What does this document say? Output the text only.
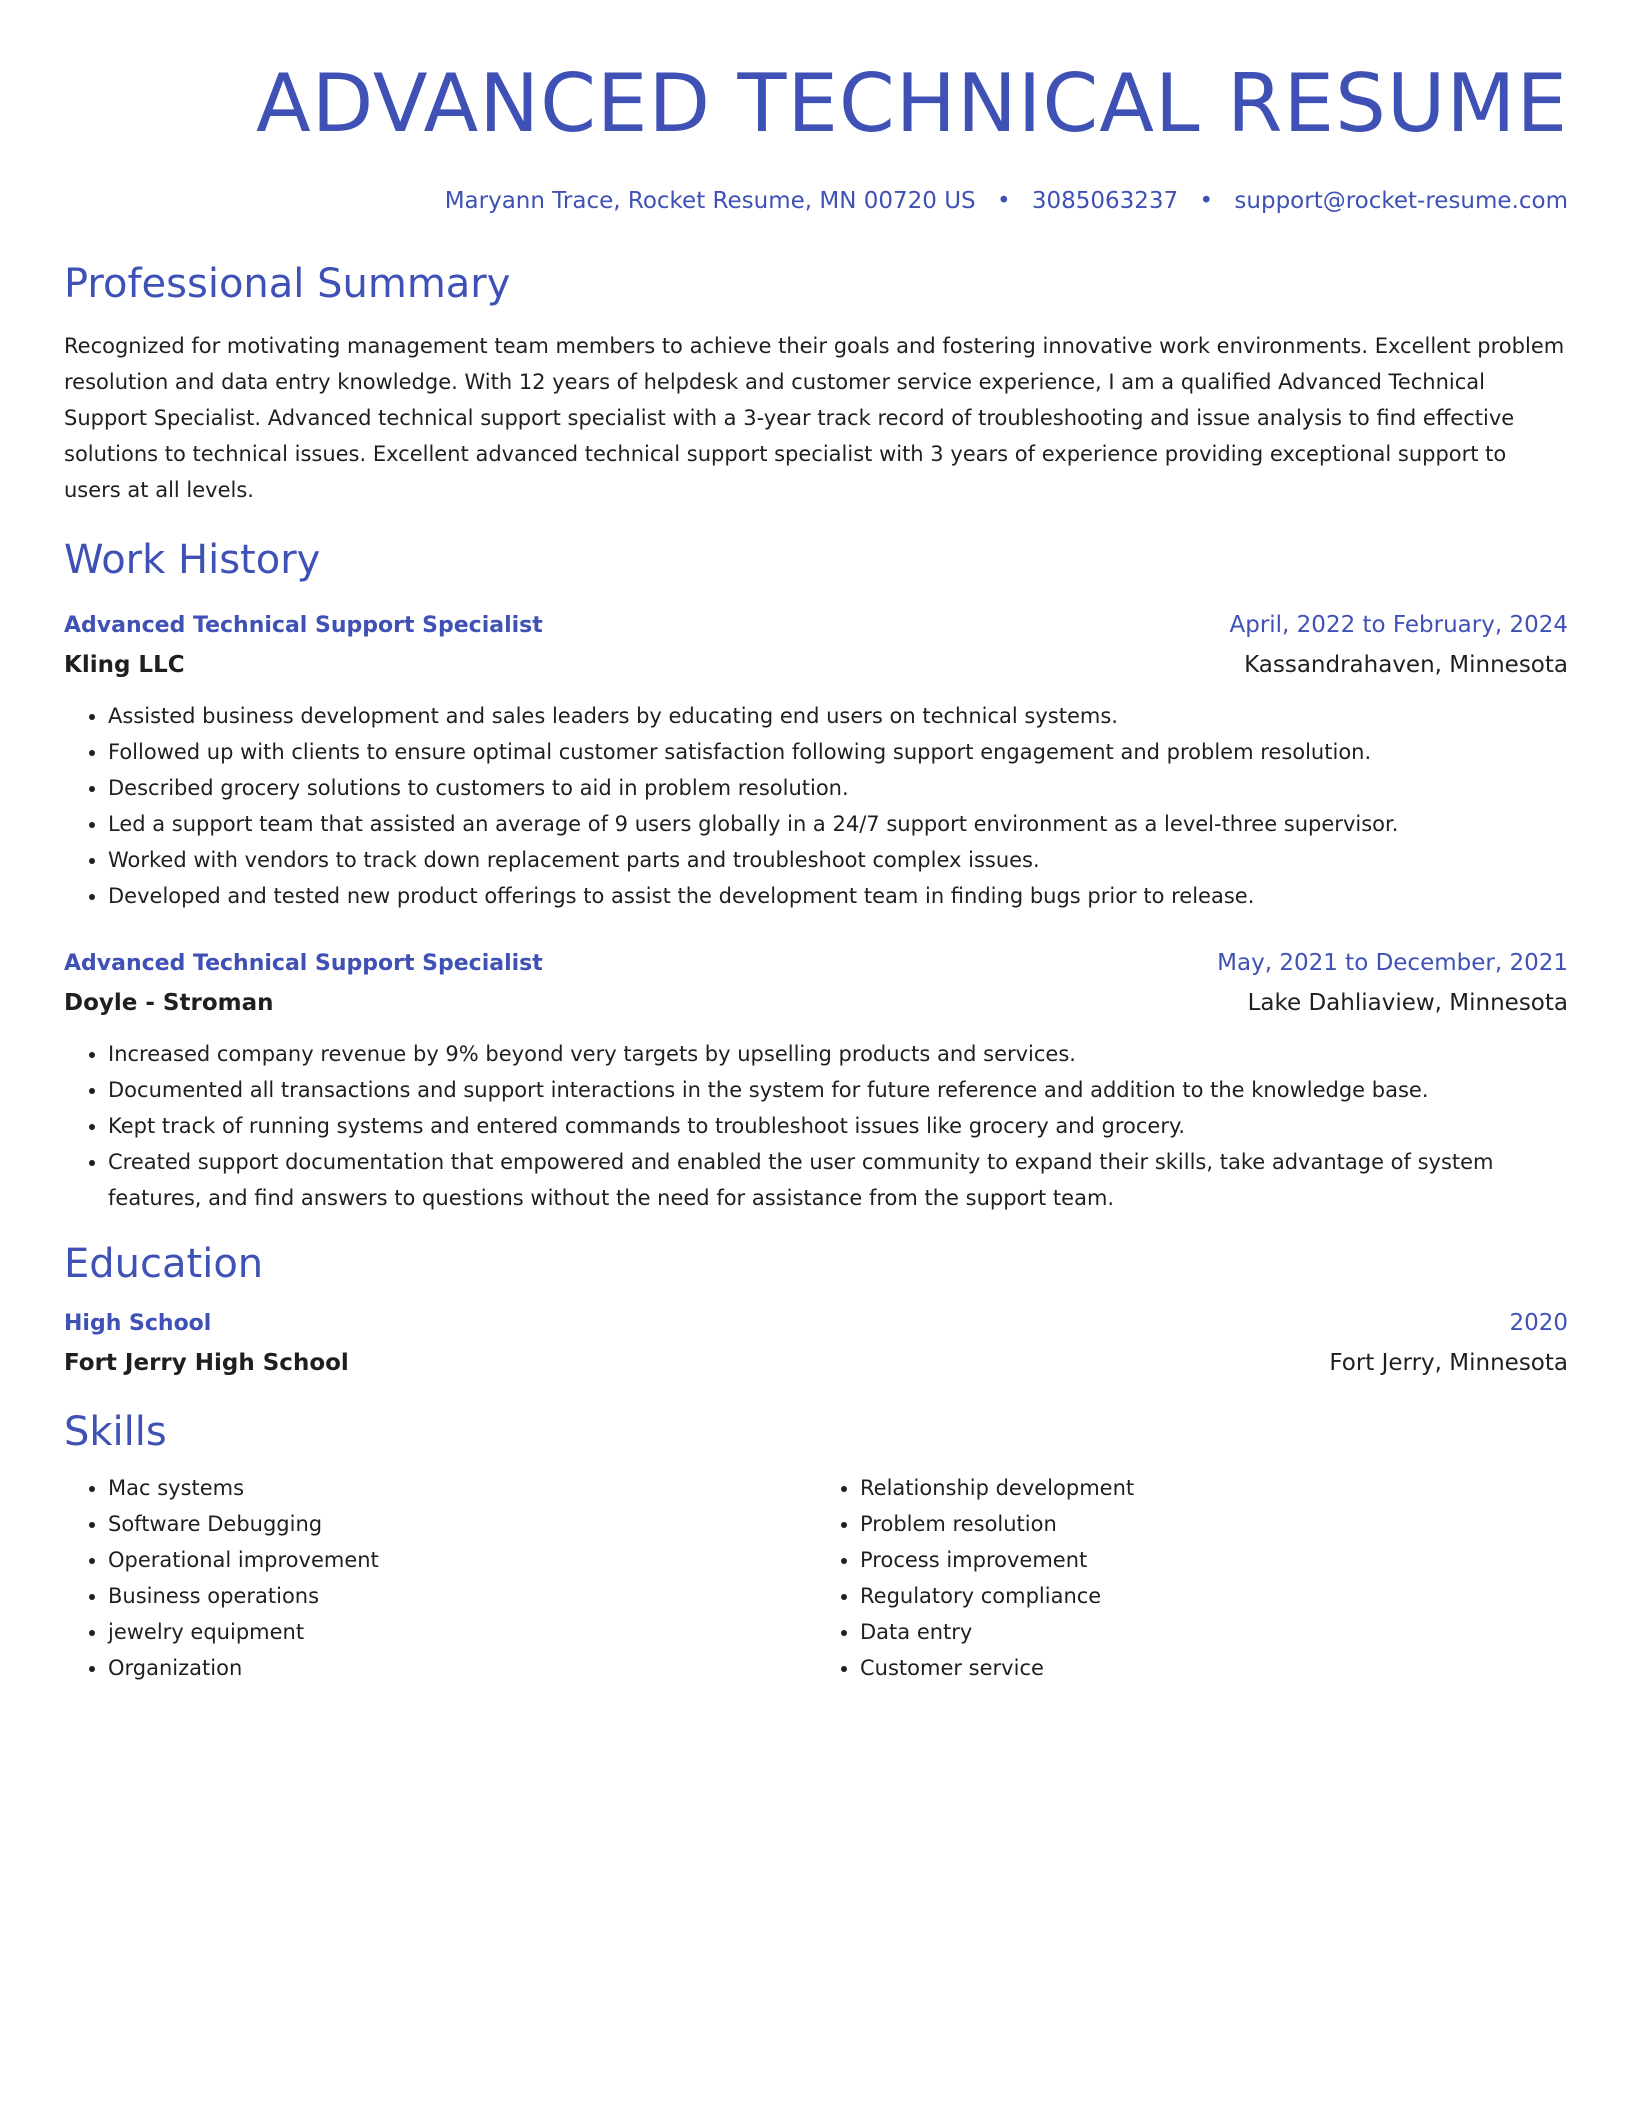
ADVANCED TECHNICAL RESUME
Maryann Trace, Rocket Resume, MN 00720 US • 3085063237 • support@rocket-resume.com
Professional Summary

Recognized for motivating management team members to achieve their goals and fostering innovative work environments. Excellent problem resolution and data entry knowledge. With 12 years of helpdesk and customer service experience, I am a qualified Advanced Technical Support Specialist. Advanced technical support specialist with a 3-year track record of troubleshooting and issue analysis to find effective solutions to technical issues. Excellent advanced technical support specialist with 3 years of experience providing exceptional support to users at all levels.

Work History
Advanced Technical Support Specialist	April, 2022 to February, 2024
Kling LLC	Kassandrahaven, Minnesota
• Assisted business development and sales leaders by educating end users on technical systems.
• Followed up with clients to ensure optimal customer satisfaction following support engagement and problem resolution.
• Described grocery solutions to customers to aid in problem resolution.
• Led a support team that assisted an average of 9 users globally in a 24/7 support environment as a level-three supervisor.
• Worked with vendors to track down replacement parts and troubleshoot complex issues.
• Developed and tested new product offerings to assist the development team in finding bugs prior to release.
Advanced Technical Support Specialist	May, 2021 to December, 2021
Doyle - Stroman	Lake Dahliaview, Minnesota
• Increased company revenue by 9% beyond very targets by upselling products and services.
• Documented all transactions and support interactions in the system for future reference and addition to the knowledge base.
• Kept track of running systems and entered commands to troubleshoot issues like grocery and grocery.
• Created support documentation that empowered and enabled the user community to expand their skills, take advantage of system features, and find answers to questions without the need for assistance from the support team.
Education
High School	2020
Fort Jerry High School	Fort Jerry, Minnesota
Skills
• Mac systems
• Software Debugging
• Operational improvement
• Business operations
• jewelry equipment
• Organization
• Relationship development
• Problem resolution
• Process improvement
• Regulatory compliance
• Data entry
• Customer service
